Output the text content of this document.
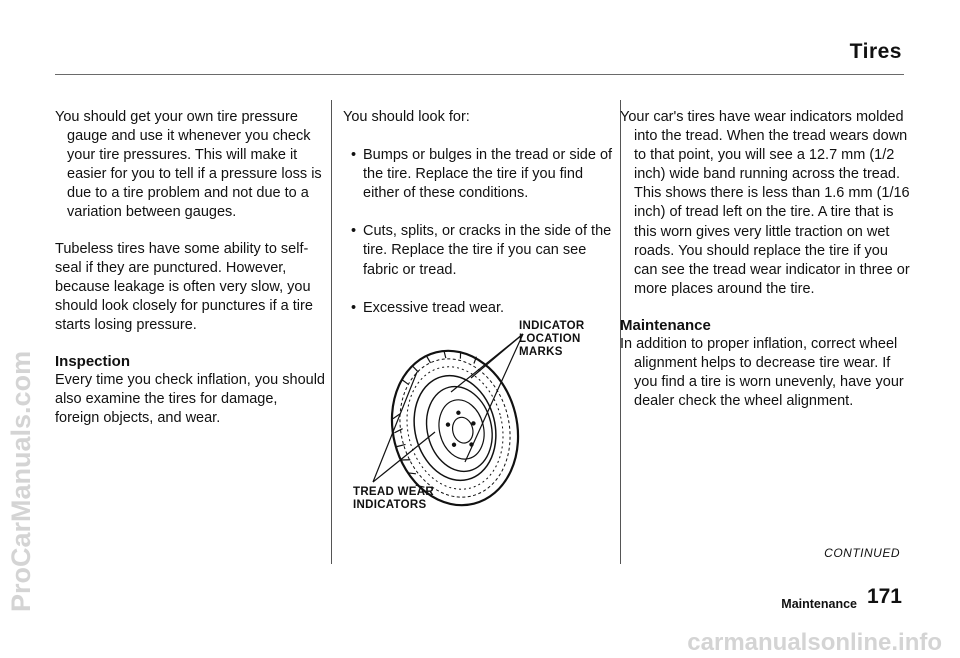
Tires

You should get your own tire pressure gauge and use it whenever you check your tire pressures. This will make it easier for you to tell if a pressure loss is due to a tire problem and not due to a variation between gauges.

Tubeless tires have some ability to self-seal if they are punctured. However, because leakage is often very slow, you should look closely for punctures if a tire starts losing pressure.

Inspection

Every time you check inflation, you should also examine the tires for damage, foreign objects, and wear.

You should look for:
• Bumps or bulges in the tread or side of the tire. Replace the tire if you find either of these conditions.
• Cuts, splits, or cracks in the side of the tire. Replace the tire if you can see fabric or tread.
• Excessive tread wear.
INDICATOR
LOCATION
MARKS
TREAD WEAR
INDICATORS

Your car's tires have wear indicators molded into the tread. When the tread wears down to that point, you will see a 12.7 mm (1/2 inch) wide band running across the tread. This shows there is less than 1.6 mm (1/16 inch) of tread left on the tire. A tire that is this worn gives very little traction on wet roads. You should replace the tire if you can see the tread wear indicator in three or more places around the tire.

Maintenance

In addition to proper inflation, correct wheel alignment helps to decrease tire wear. If you find a tire is worn unevenly, have your dealer check the wheel alignment.

CONTINUED
Maintenance 171
ProCarManuals.com
carmanualsonline.info
